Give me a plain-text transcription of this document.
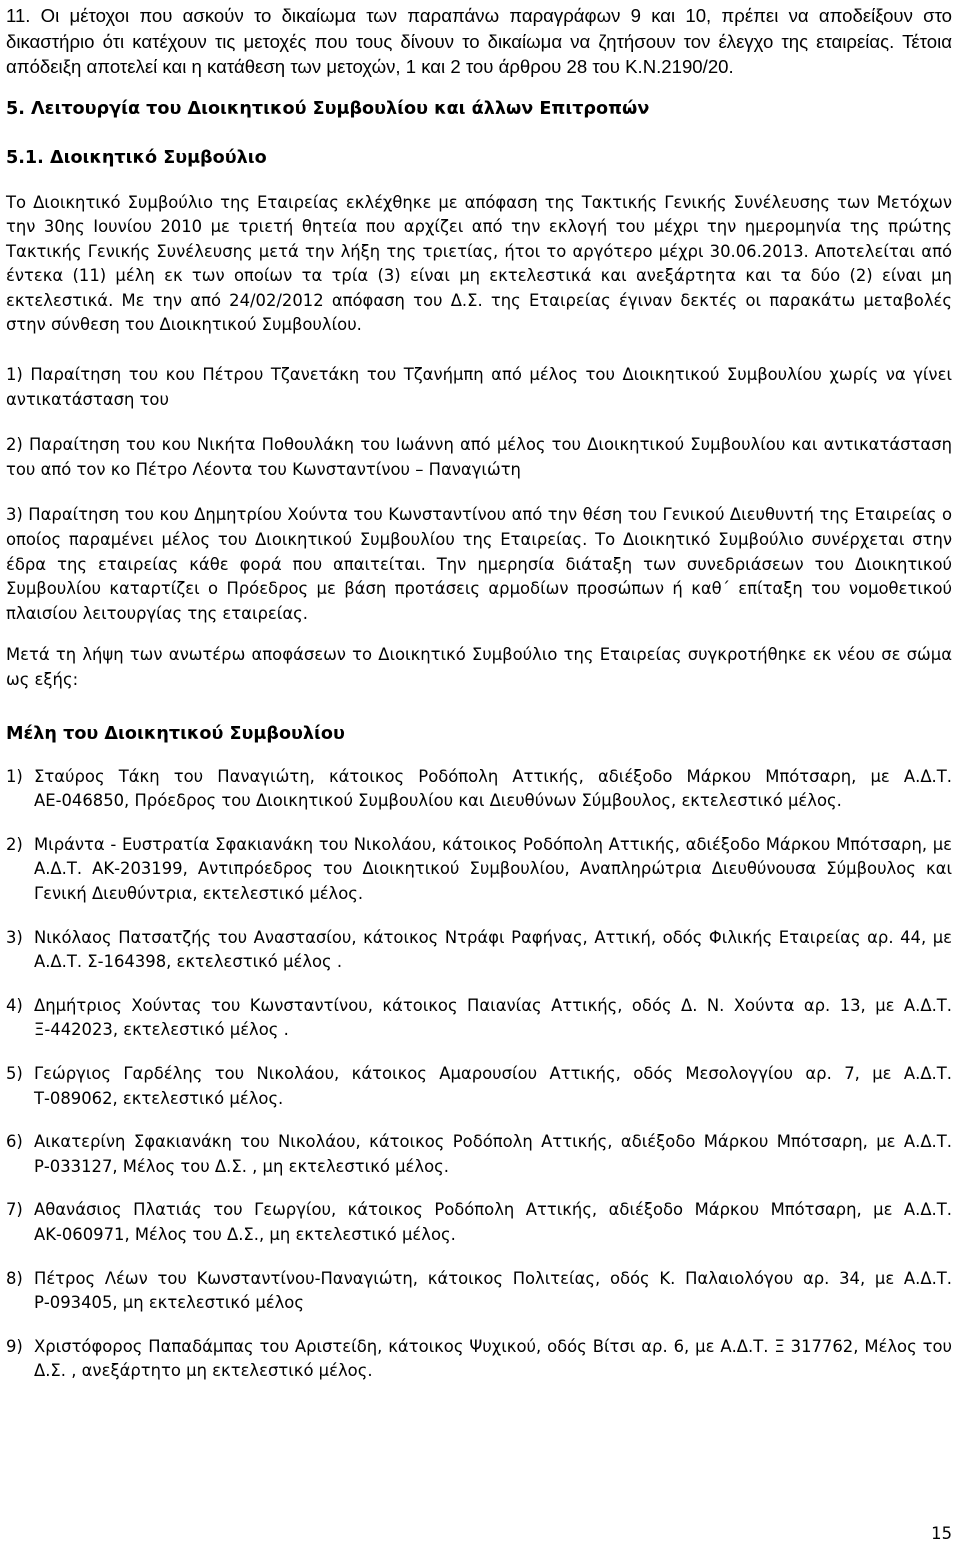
11. Οι μέτοχοι που ασκούν το δικαίωμα των παραπάνω παραγράφων 9 και 10, πρέπει να αποδείξουν στο δικαστήριο ότι κατέχουν τις μετοχές που τους δίνουν το δικαίωμα να ζητήσουν τον έλεγχο της εταιρείας. Τέτοια απόδειξη αποτελεί και η κατάθεση των μετοχών, 1 και 2 του άρθρου 28 του Κ.Ν.2190/20.

5. Λειτουργία του Διοικητικού Συμβουλίου και άλλων Επιτροπών

5.1. Διοικητικό Συμβούλιο

Το Διοικητικό Συμβούλιο της Εταιρείας εκλέχθηκε με απόφαση της Τακτικής Γενικής Συνέλευσης των Μετόχων την 30ης Ιουνίου 2010 με τριετή θητεία που αρχίζει από την εκλογή του μέχρι την ημερομηνία της πρώτης Τακτικής Γενικής Συνέλευσης μετά την λήξη της τριετίας, ήτοι το αργότερο μέχρι 30.06.2013. Αποτελείται από έντεκα (11) μέλη εκ των οποίων τα τρία (3) είναι μη εκτελεστικά και ανεξάρτητα και τα δύο (2) είναι μη εκτελεστικά. Με την από 24/02/2012 απόφαση του Δ.Σ. της Εταιρείας έγιναν δεκτές οι παρακάτω μεταβολές στην σύνθεση του Διοικητικού Συμβουλίου.

1) Παραίτηση του κου Πέτρου Τζανετάκη του Τζανήμπη από μέλος του Διοικητικού Συμβουλίου χωρίς να γίνει αντικατάσταση του

2) Παραίτηση του κου Νικήτα Ποθουλάκη του Ιωάννη από μέλος του Διοικητικού Συμβουλίου και αντικατάσταση του από τον κο Πέτρο Λέοντα του Κωνσταντίνου – Παναγιώτη

3) Παραίτηση του κου Δημητρίου Χούντα του Κωνσταντίνου από την θέση του Γενικού Διευθυντή της Εταιρείας ο οποίος παραμένει μέλος του Διοικητικού Συμβουλίου της Εταιρείας. Το Διοικητικό Συμβούλιο συνέρχεται στην έδρα της εταιρείας κάθε φορά που απαιτείται. Την ημερησία διάταξη των συνεδριάσεων του Διοικητικού Συμβουλίου καταρτίζει ο Πρόεδρος με βάση προτάσεις αρμοδίων προσώπων ή καθ΄ επίταξη του νομοθετικού πλαισίου λειτουργίας της εταιρείας.

Μετά τη λήψη των ανωτέρω αποφάσεων το Διοικητικό Συμβούλιο της Εταιρείας συγκροτήθηκε εκ νέου σε σώμα ως εξής:

Μέλη του Διοικητικού Συμβουλίου

1) Σταύρος Τάκη του Παναγιώτη, κάτοικος Ροδόπολη Αττικής, αδιέξοδο Μάρκου Μπότσαρη, με Α.Δ.Τ. ΑΕ-046850, Πρόεδρος του Διοικητικού Συμβουλίου και Διευθύνων Σύμβουλος, εκτελεστικό μέλος.

2) Μιράντα - Ευστρατία Σφακιανάκη του Νικολάου, κάτοικος Ροδόπολη Αττικής, αδιέξοδο Μάρκου Μπότσαρη, με Α.Δ.Τ. ΑΚ-203199, Αντιπρόεδρος του Διοικητικού Συμβουλίου, Αναπληρώτρια Διευθύνουσα Σύμβουλος και Γενική Διευθύντρια, εκτελεστικό μέλος.

3) Νικόλαος Πατσατζής του Αναστασίου, κάτοικος Ντράφι Ραφήνας, Αττική, οδός Φιλικής Εταιρείας αρ. 44, με Α.Δ.Τ. Σ-164398, εκτελεστικό μέλος .

4) Δημήτριος Χούντας του Κωνσταντίνου, κάτοικος Παιανίας Αττικής, οδός Δ. Ν. Χούντα αρ. 13, με Α.Δ.Τ. Ξ-442023, εκτελεστικό μέλος .

5) Γεώργιος Γαρδέλης του Νικολάου, κάτοικος Αμαρουσίου Αττικής, οδός Μεσολογγίου αρ. 7, με Α.Δ.Τ. Τ-089062, εκτελεστικό μέλος.

6) Αικατερίνη Σφακιανάκη του Νικολάου, κάτοικος Ροδόπολη Αττικής, αδιέξοδο Μάρκου Μπότσαρη, με Α.Δ.Τ. Ρ-033127, Μέλος του Δ.Σ. , μη εκτελεστικό μέλος.

7) Αθανάσιος Πλατιάς του Γεωργίου, κάτοικος Ροδόπολη Αττικής, αδιέξοδο Μάρκου Μπότσαρη, με Α.Δ.Τ. ΑΚ-060971, Μέλος του Δ.Σ., μη εκτελεστικό μέλος.

8) Πέτρος Λέων του Κωνσταντίνου-Παναγιώτη, κάτοικος Πολιτείας, οδός Κ. Παλαιολόγου αρ. 34, με Α.Δ.Τ. Ρ-093405, μη εκτελεστικό μέλος

9) Χριστόφορος Παπαδάμπας του Αριστείδη, κάτοικος Ψυχικού, οδός Βίτσι αρ. 6, με Α.Δ.Τ. Ξ 317762, Μέλος του Δ.Σ. , ανεξάρτητο μη εκτελεστικό μέλος.

15
